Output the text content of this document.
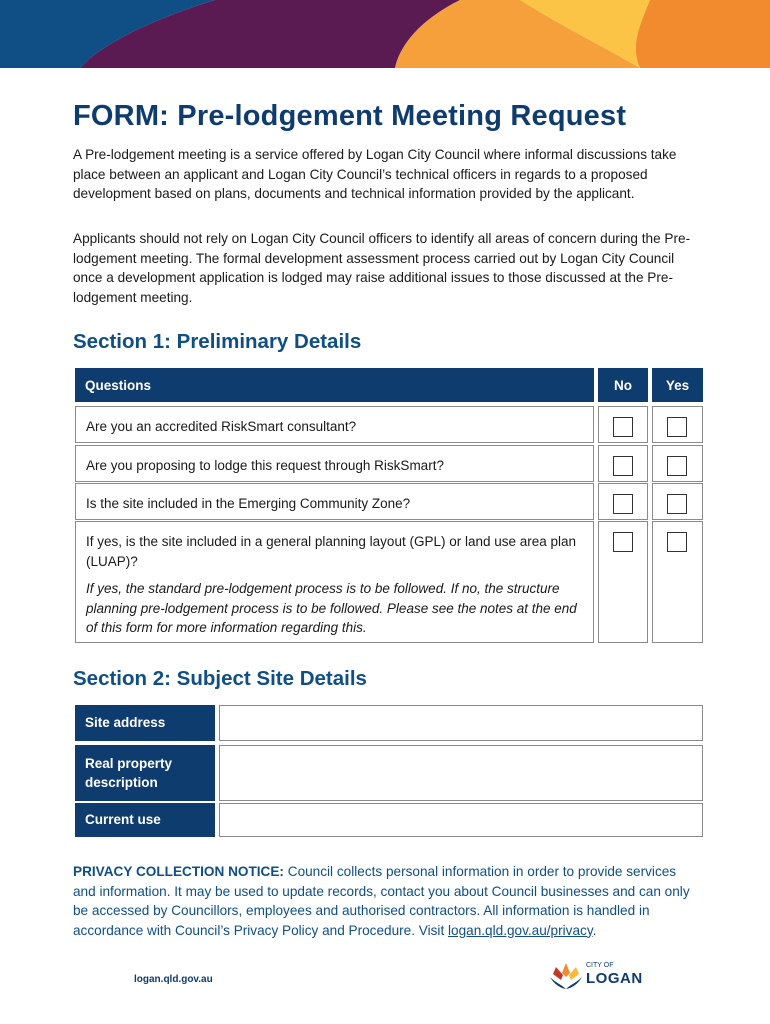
FORM: Pre-lodgement Meeting Request

A Pre-lodgement meeting is a service offered by Logan City Council where informal discussions take place between an applicant and Logan City Council’s technical officers in regards to a proposed development based on plans, documents and technical information provided by the applicant.

Applicants should not rely on Logan City Council officers to identify all areas of concern during the Pre-lodgement meeting. The formal development assessment process carried out by Logan City Council once a development application is lodged may raise additional issues to those discussed at the Pre-lodgement meeting.

Section 1: Preliminary Details
Questions	No	Yes
Are you an accredited RiskSmart consultant?
Are you proposing to lodge this request through RiskSmart?
Is the site included in the Emerging Community Zone?
If yes, is the site included in a general planning layout (GPL) or land use area plan (LUAP)?
If yes, the standard pre-lodgement process is to be followed. If no, the structure planning pre-lodgement process is to be followed. Please see the notes at the end of this form for more information regarding this.
Section 2: Subject Site Details
Site address
Real property description
Current use

PRIVACY COLLECTION NOTICE: Council collects personal information in order to provide services and information. It may be used to update records, contact you about Council businesses and can only be accessed by Councillors, employees and authorised contractors. All information is handled in accordance with Council’s Privacy Policy and Procedure. Visit logan.qld.gov.au/privacy.

logan.qld.gov.au
CITY OF
LOGAN
